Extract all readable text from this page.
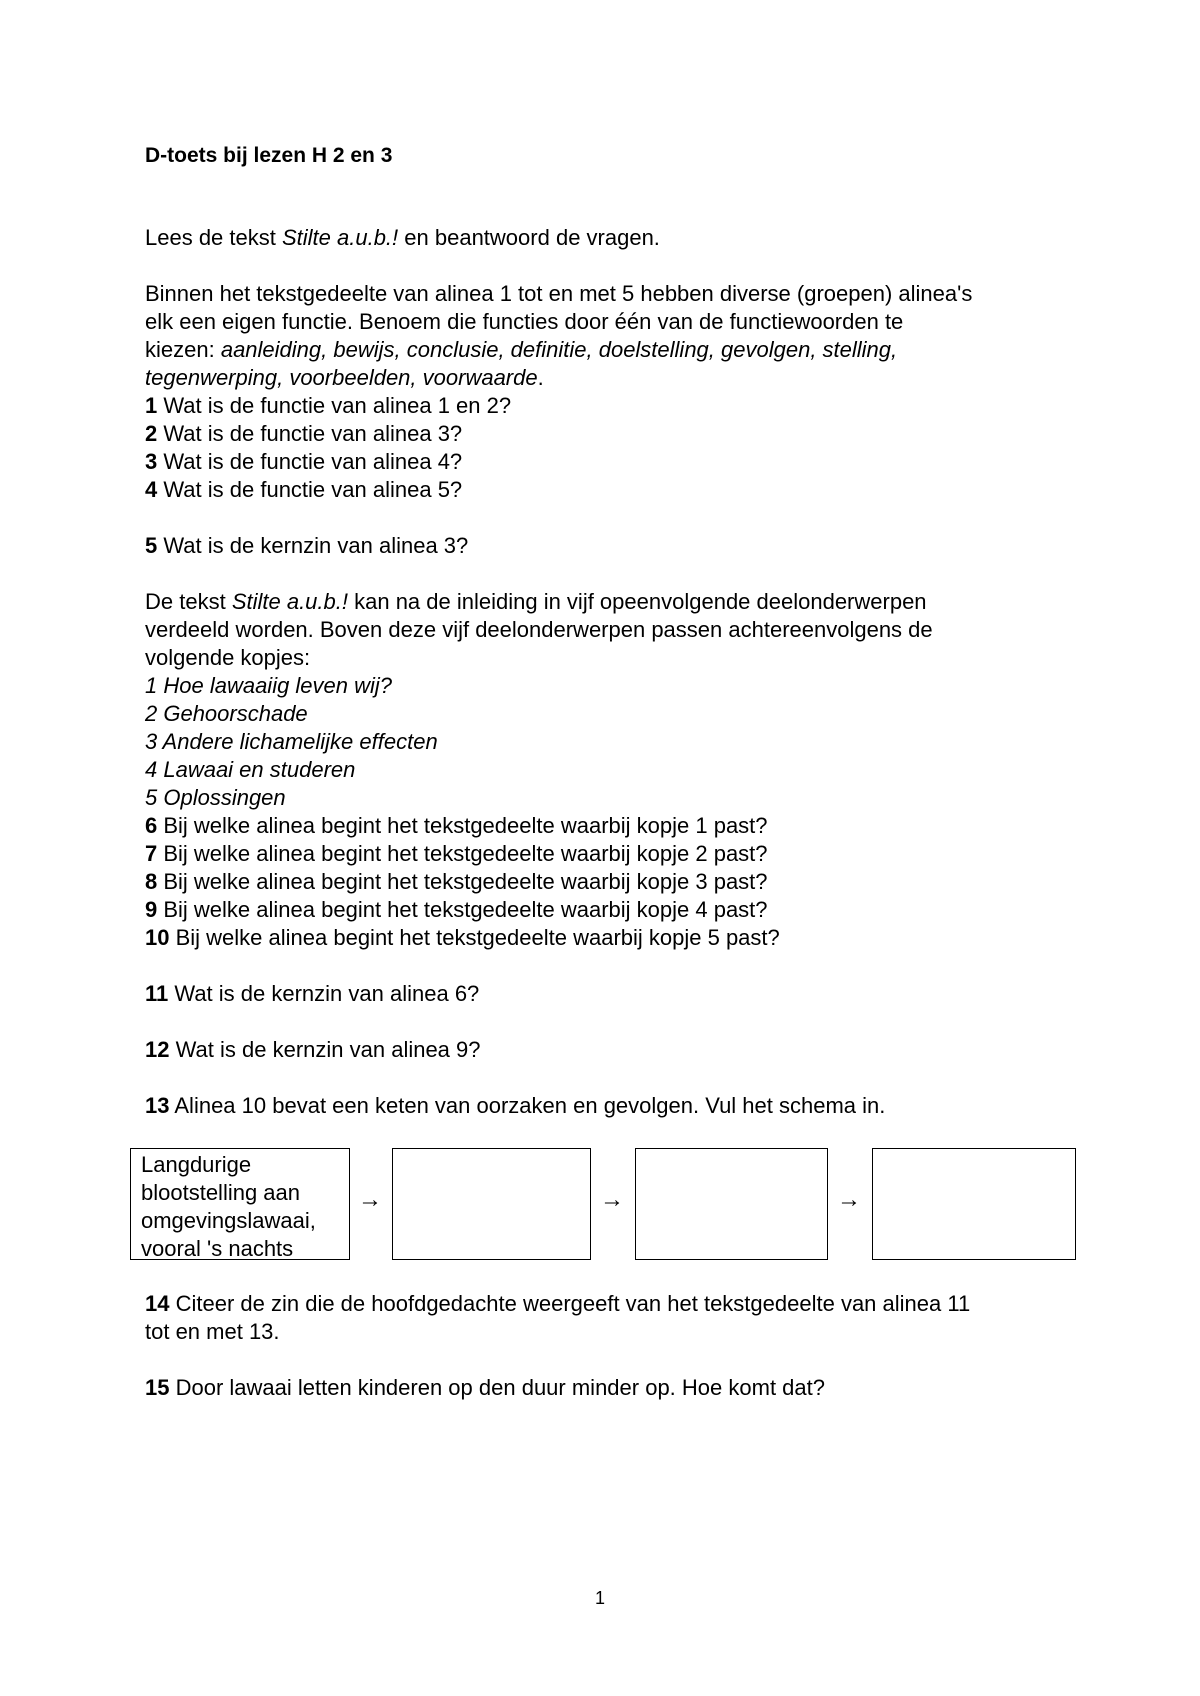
D-toets bij lezen H 2 en 3

Lees de tekst Stilte a.u.b.! en beantwoord de vragen.

Binnen het tekstgedeelte van alinea 1 tot en met 5 hebben diverse (groepen) alinea's

elk een eigen functie. Benoem die functies door één van de functiewoorden te

kiezen: aanleiding, bewijs, conclusie, definitie, doelstelling, gevolgen, stelling,

tegenwerping, voorbeelden, voorwaarde.

1 Wat is de functie van alinea 1 en 2?

2 Wat is de functie van alinea 3?

3 Wat is de functie van alinea 4?

4 Wat is de functie van alinea 5?

5 Wat is de kernzin van alinea 3?

De tekst Stilte a.u.b.! kan na de inleiding in vijf opeenvolgende deelonderwerpen

verdeeld worden. Boven deze vijf deelonderwerpen passen achtereenvolgens de

volgende kopjes:

1 Hoe lawaaiig leven wij?

2 Gehoorschade

3 Andere lichamelijke effecten

4 Lawaai en studeren

5 Oplossingen

6 Bij welke alinea begint het tekstgedeelte waarbij kopje 1 past?

7 Bij welke alinea begint het tekstgedeelte waarbij kopje 2 past?

8 Bij welke alinea begint het tekstgedeelte waarbij kopje 3 past?

9 Bij welke alinea begint het tekstgedeelte waarbij kopje 4 past?

10 Bij welke alinea begint het tekstgedeelte waarbij kopje 5 past?

11 Wat is de kernzin van alinea 6?

12 Wat is de kernzin van alinea 9?

13 Alinea 10 bevat een keten van oorzaken en gevolgen. Vul het schema in.

Langdurige
blootstelling aan
omgevingslawaai,
vooral 's nachts
→	→	→

14 Citeer de zin die de hoofdgedachte weergeeft van het tekstgedeelte van alinea 11

tot en met 13.

15 Door lawaai letten kinderen op den duur minder op. Hoe komt dat?

1
